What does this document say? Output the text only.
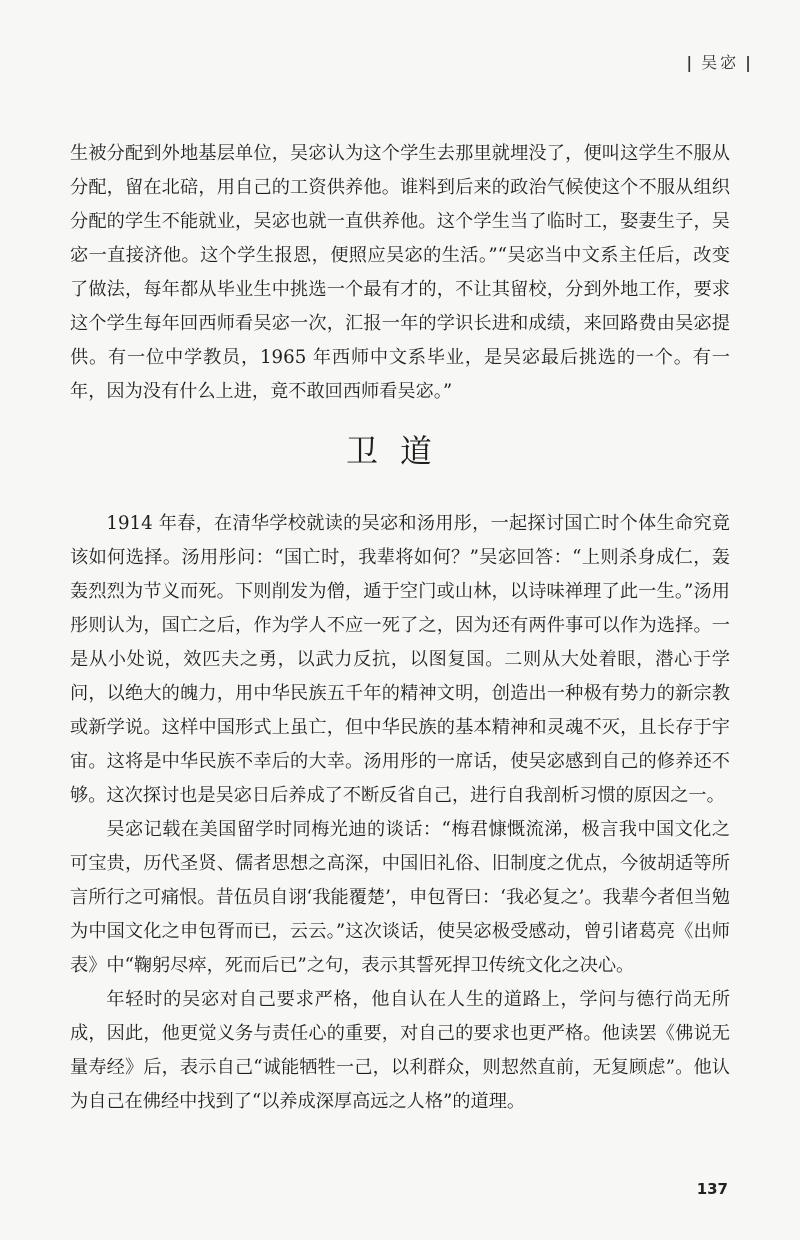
| 吴宓 |

生被分配到外地基层单位，吴宓认为这个学生去那里就埋没了，便叫这学生不服从分配，留在北碚，用自己的工资供养他。谁料到后来的政治气候使这个不服从组织分配的学生不能就业，吴宓也就一直供养他。这个学生当了临时工，娶妻生子，吴宓一直接济他。这个学生报恩，便照应吴宓的生活。”“吴宓当中文系主任后，改变了做法，每年都从毕业生中挑选一个最有才的，不让其留校，分到外地工作，要求这个学生每年回西师看吴宓一次，汇报一年的学识长进和成绩，来回路费由吴宓提供。有一位中学教员，1965 年西师中文系毕业，是吴宓最后挑选的一个。有一年，因为没有什么上进，竟不敢回西师看吴宓。”

卫道

1914 年春，在清华学校就读的吴宓和汤用彤，一起探讨国亡时个体生命究竟该如何选择。汤用彤问：“国亡时，我辈将如何？”吴宓回答：“上则杀身成仁，轰轰烈烈为节义而死。下则削发为僧，遁于空门或山林，以诗味禅理了此一生。”汤用彤则认为，国亡之后，作为学人不应一死了之，因为还有两件事可以作为选择。一是从小处说，效匹夫之勇，以武力反抗，以图复国。二则从大处着眼，潜心于学问，以绝大的魄力，用中华民族五千年的精神文明，创造出一种极有势力的新宗教或新学说。这样中国形式上虽亡，但中华民族的基本精神和灵魂不灭，且长存于宇宙。这将是中华民族不幸后的大幸。汤用彤的一席话，使吴宓感到自己的修养还不够。这次探讨也是吴宓日后养成了不断反省自己，进行自我剖析习惯的原因之一。

吴宓记载在美国留学时同梅光迪的谈话：“梅君慷慨流涕，极言我中国文化之可宝贵，历代圣贤、儒者思想之高深，中国旧礼俗、旧制度之优点，今彼胡适等所言所行之可痛恨。昔伍员自诩‘我能覆楚’，申包胥曰：‘我必复之’。我辈今者但当勉为中国文化之申包胥而已，云云。”这次谈话，使吴宓极受感动，曾引诸葛亮《出师表》中“鞠躬尽瘁，死而后已”之句，表示其誓死捍卫传统文化之决心。

年轻时的吴宓对自己要求严格，他自认在人生的道路上，学问与德行尚无所成，因此，他更觉义务与责任心的重要，对自己的要求也更严格。他读罢《佛说无量寿经》后，表示自己“诚能牺牲一己，以利群众，则恝然直前，无复顾虑”。他认为自己在佛经中找到了“以养成深厚高远之人格”的道理。

137
